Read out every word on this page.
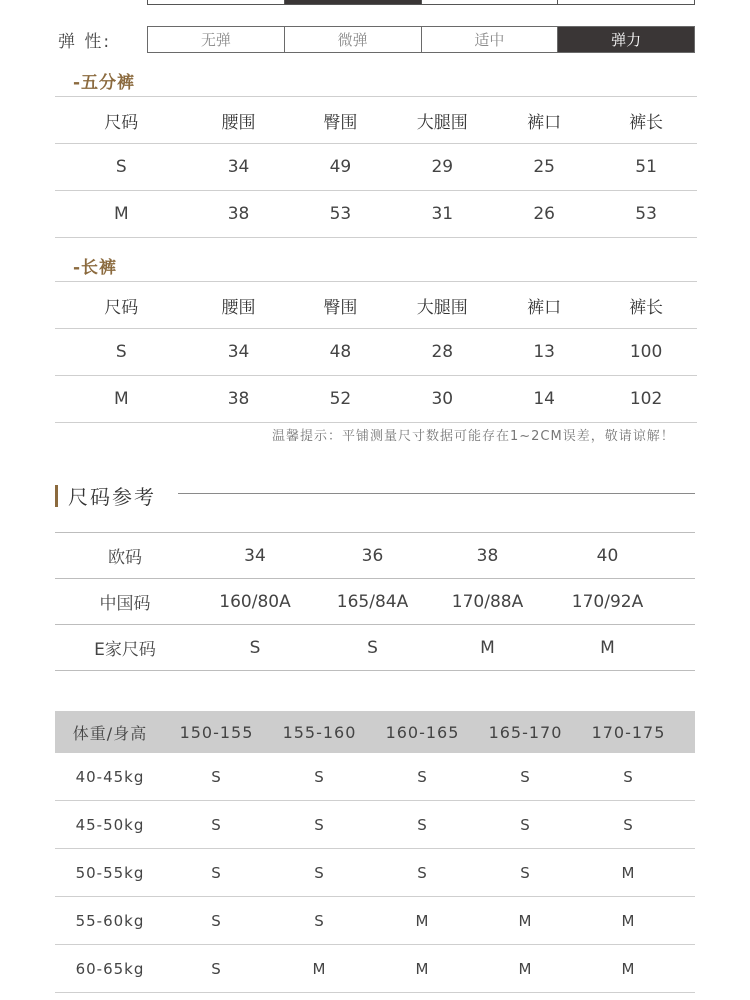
弹 性:	无弹	微弹	适中	弹力
-五分裤
尺码	腰围	臀围	大腿围	裤口	裤长
S	34	49	29	25	51
M	38	53	31	26	53
-长裤
尺码	腰围	臀围	大腿围	裤口	裤长
S	34	48	28	13	100
M	38	52	30	14	102
温馨提示：平铺测量尺寸数据可能存在1~2CM误差，敬请谅解！
尺码参考
欧码	34	36	38	40
中国码	160/80A	165/84A	170/88A	170/92A
E家尺码	S	S	M	M
体重/身高	150-155	155-160	160-165	165-170	170-175
40-45kg	S	S	S	S	S
45-50kg	S	S	S	S	S
50-55kg	S	S	S	S	M
55-60kg	S	S	M	M	M
60-65kg	S	M	M	M	M
